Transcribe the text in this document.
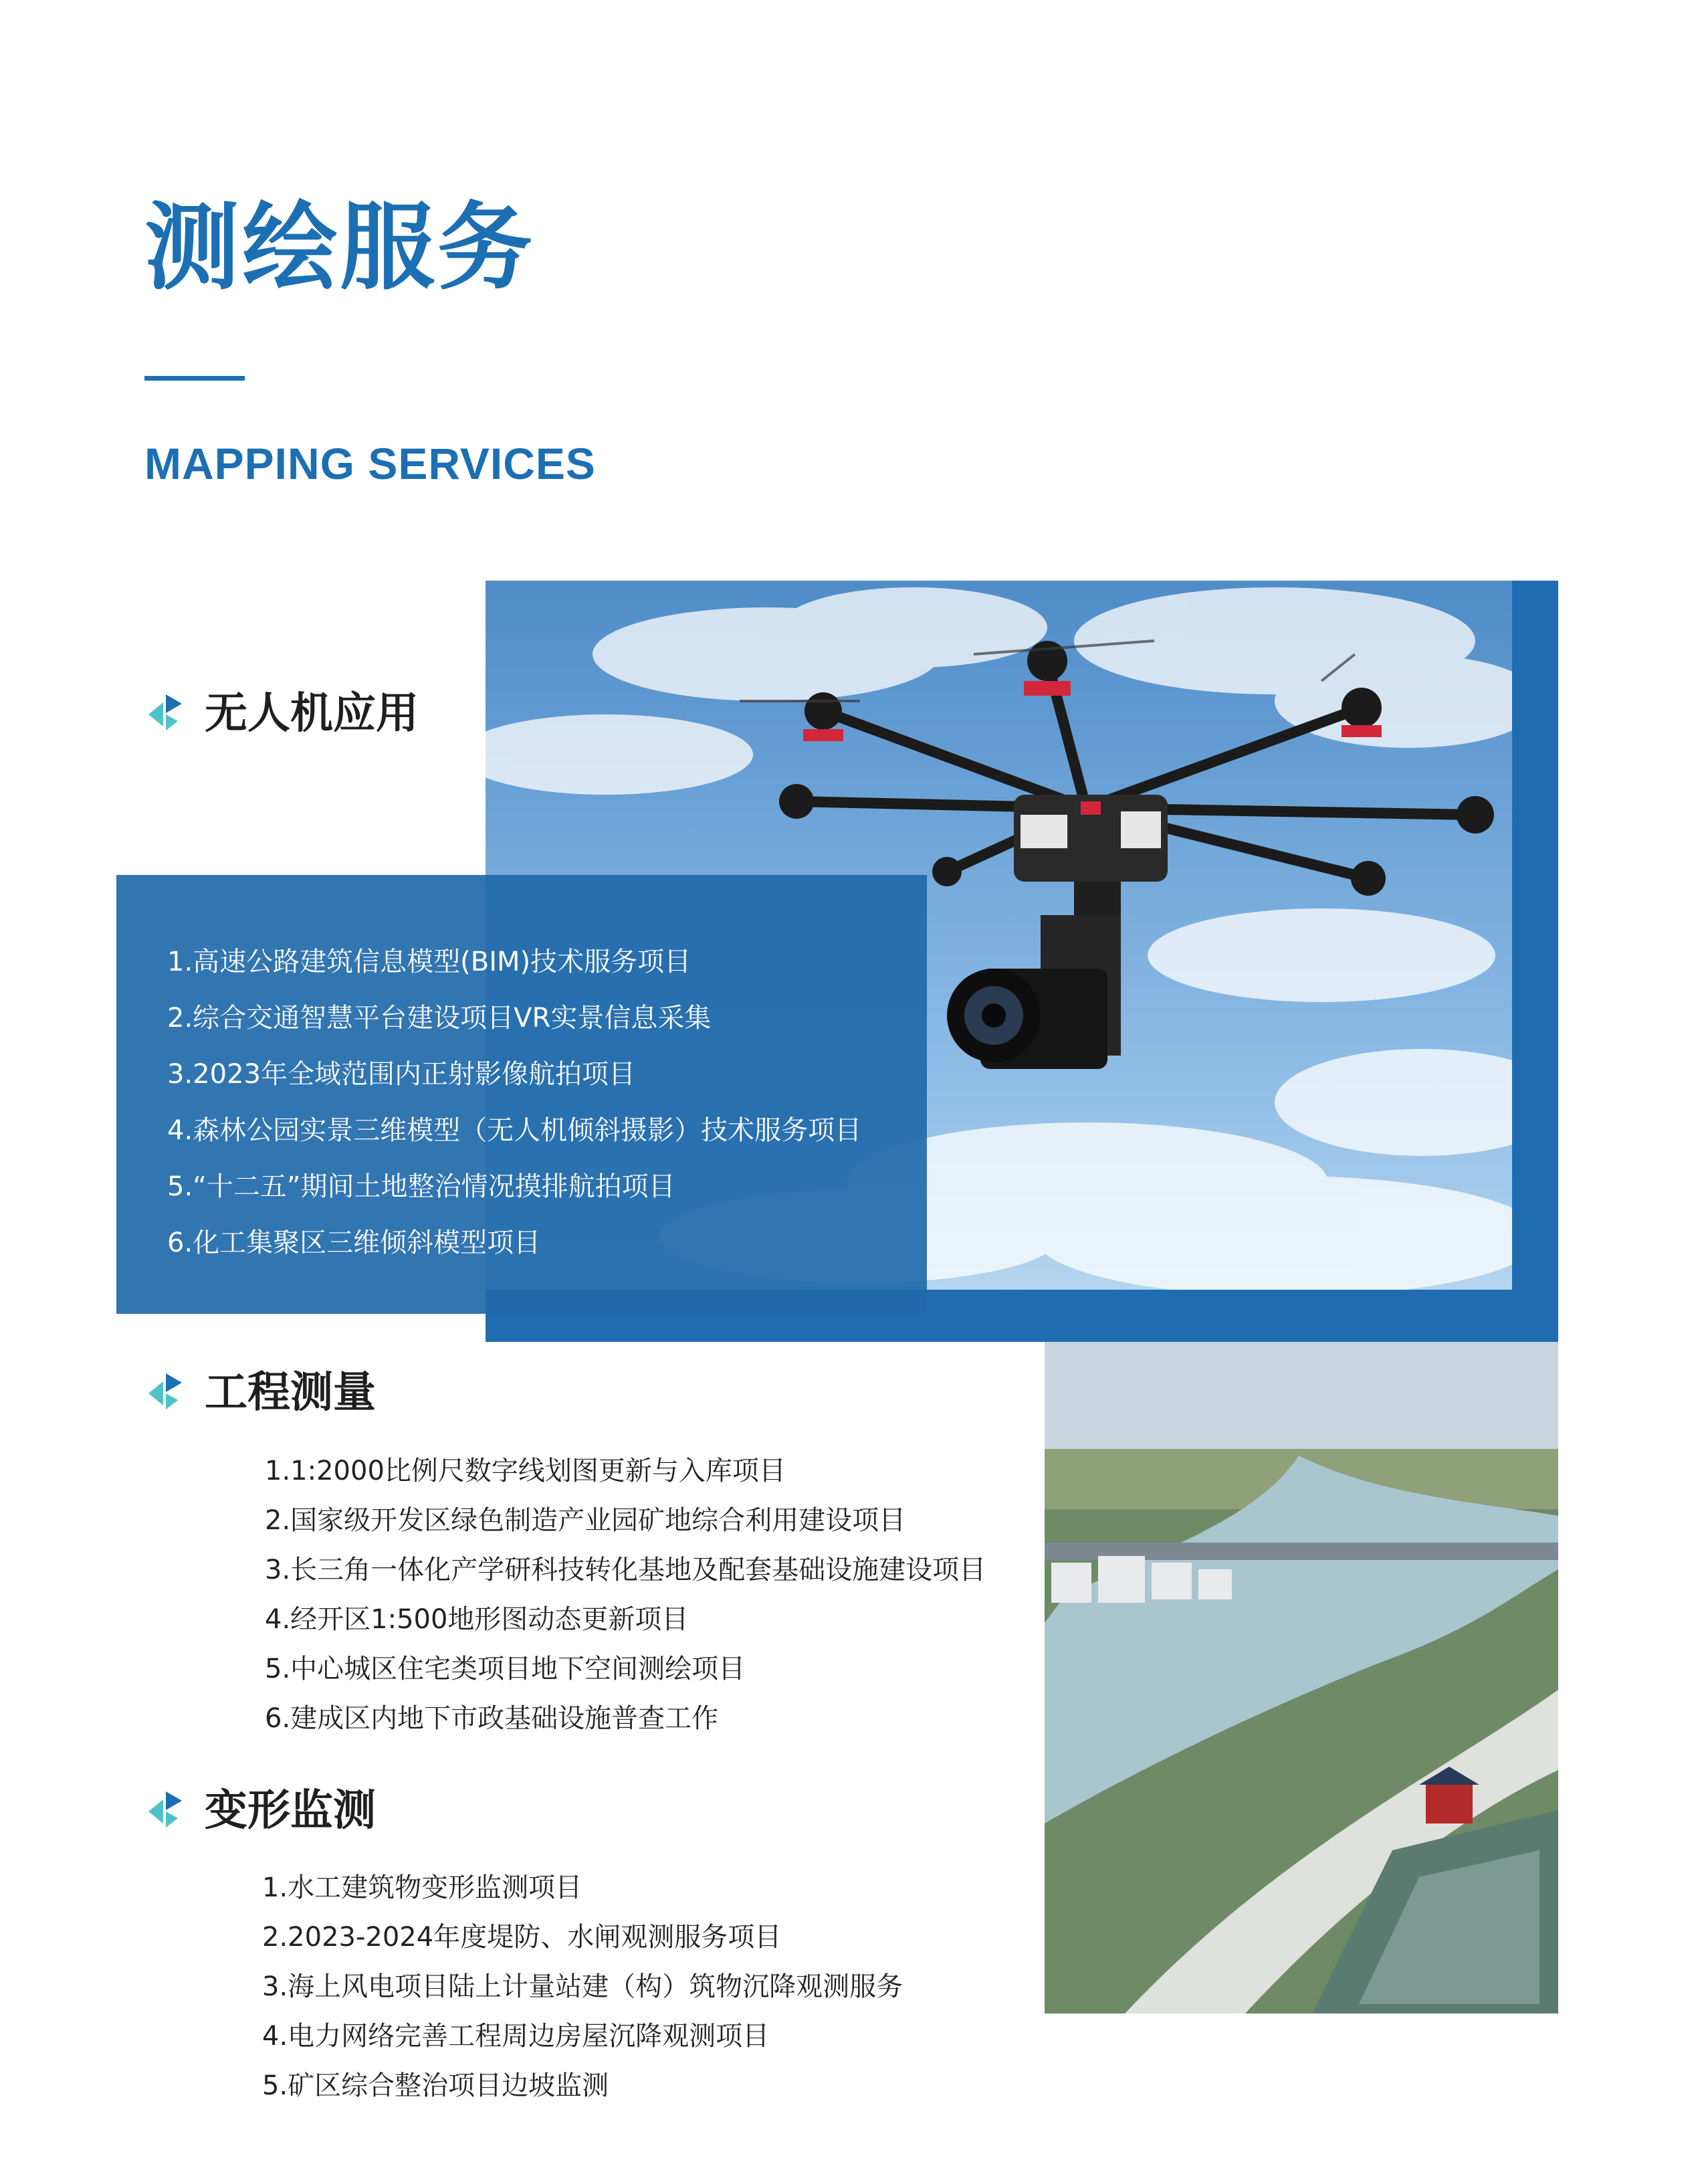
测绘服务
MAPPING SERVICES
1.高速公路建筑信息模型(BIM)技术服务项目
2.综合交通智慧平台建设项目VR实景信息采集
3.2023年全域范围内正射影像航拍项目
4.森林公园实景三维模型（无人机倾斜摄影）技术服务项目
5.“十二五”期间土地整治情况摸排航拍项目
6.化工集聚区三维倾斜模型项目
无人机应用
工程测量
1.1:2000比例尺数字线划图更新与入库项目
2.国家级开发区绿色制造产业园矿地综合利用建设项目
3.长三角一体化产学研科技转化基地及配套基础设施建设项目
4.经开区1:500地形图动态更新项目
5.中心城区住宅类项目地下空间测绘项目
6.建成区内地下市政基础设施普查工作
变形监测
1.水工建筑物变形监测项目
2.2023-2024年度堤防、水闸观测服务项目
3.海上风电项目陆上计量站建（构）筑物沉降观测服务
4.电力网络完善工程周边房屋沉降观测项目
5.矿区综合整治项目边坡监测
